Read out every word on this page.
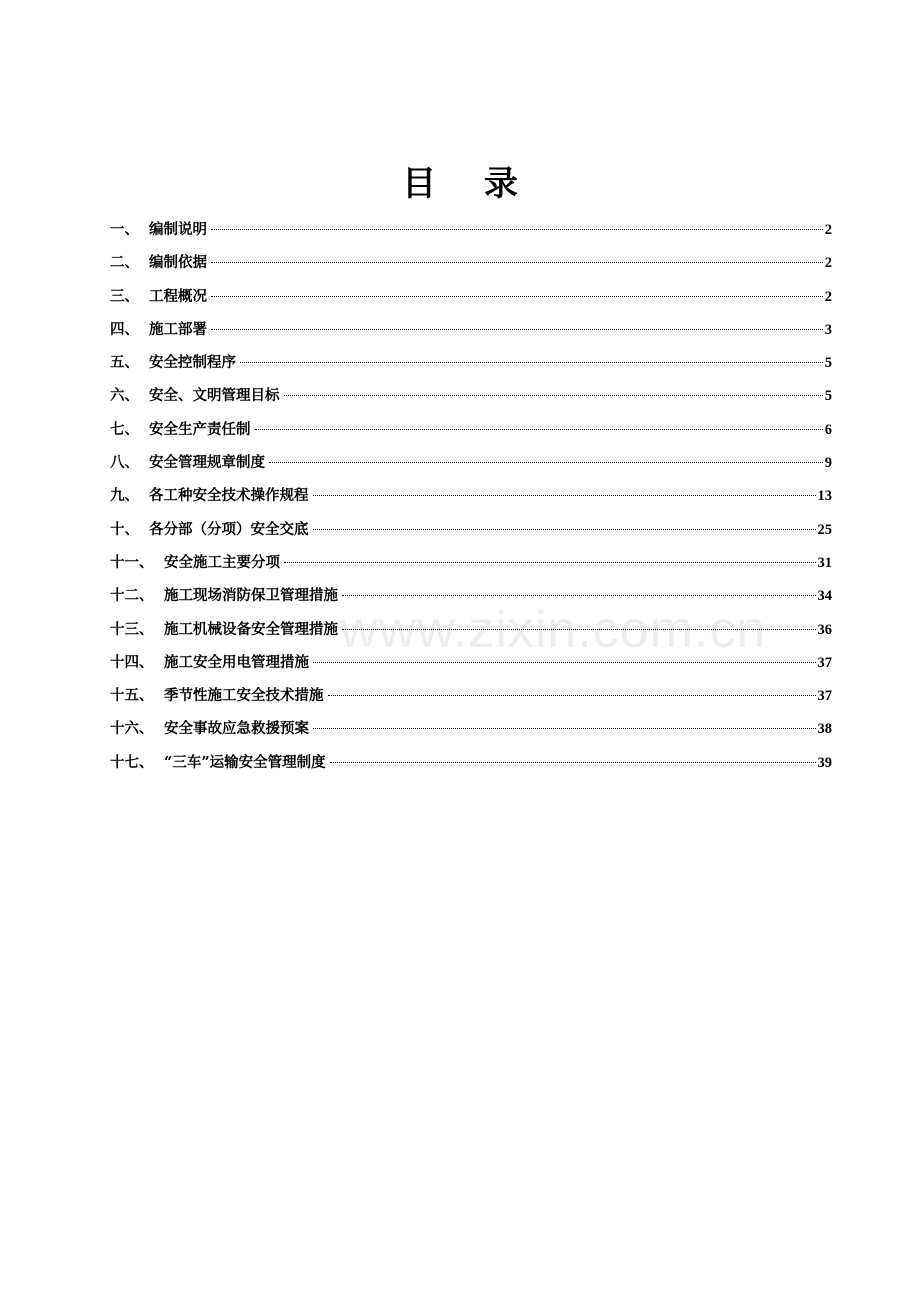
目 录
一、 编制说明	2
二、 编制依据	2
三、 工程概况	2
四、 施工部署	3
五、 安全控制程序	5
六、 安全、文明管理目标	5
七、 安全生产责任制	6
八、 安全管理规章制度	9
九、 各工种安全技术操作规程	13
十、 各分部（分项）安全交底	25
十一、 安全施工主要分项	31
十二、 施工现场消防保卫管理措施	34
十三、 施工机械设备安全管理措施	36
十四、 施工安全用电管理措施	37
十五、 季节性施工安全技术措施	37
十六、 安全事故应急救援预案	38
十七、 “三车”运输安全管理制度	39
www.zixin.com.cn
